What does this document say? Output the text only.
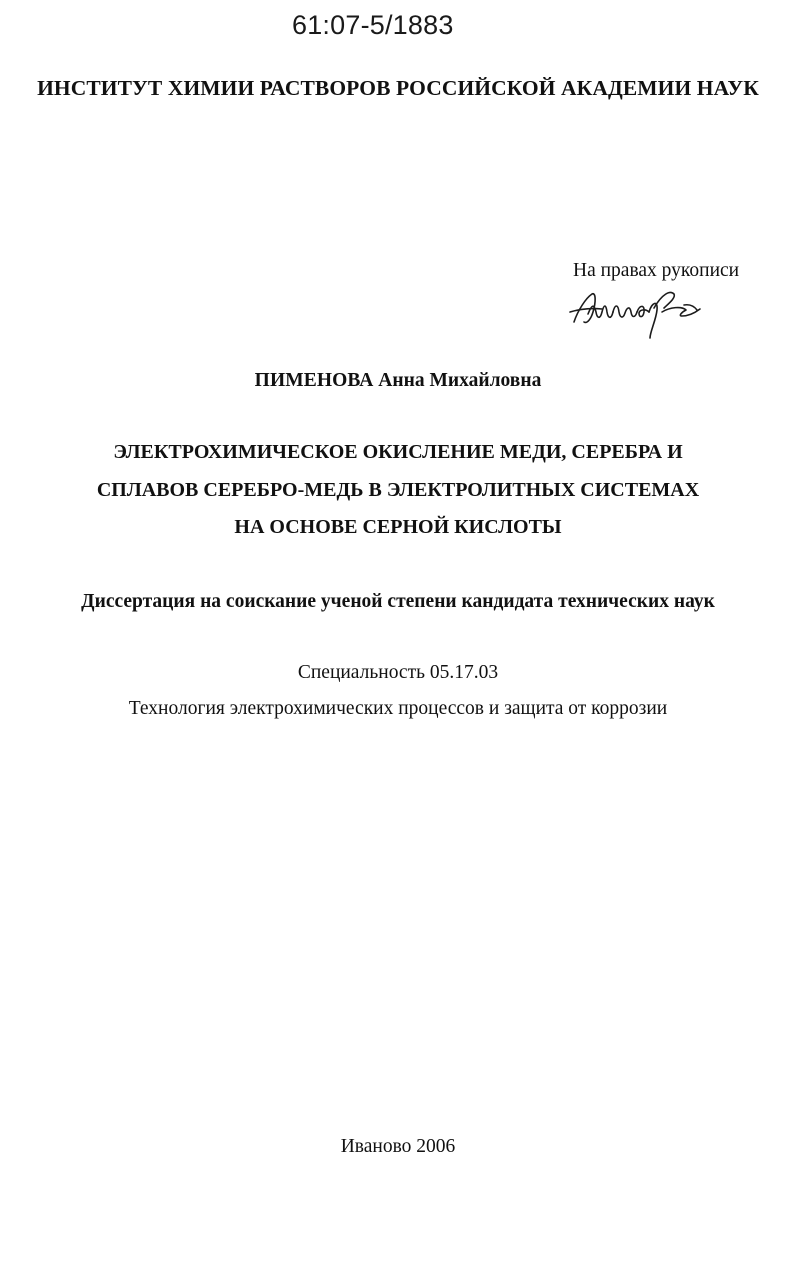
61:07-5/1883
ИНСТИТУТ ХИМИИ РАСТВОРОВ РОССИЙСКОЙ АКАДЕМИИ НАУК
На правах рукописи
ПИМЕНОВА Анна Михайловна
ЭЛЕКТРОХИМИЧЕСКОЕ ОКИСЛЕНИЕ МЕДИ, СЕРЕБРА И
СПЛАВОВ СЕРЕБРО-МЕДЬ В ЭЛЕКТРОЛИТНЫХ СИСТЕМАХ
НА ОСНОВЕ СЕРНОЙ КИСЛОТЫ
Диссертация на соискание ученой степени кандидата технических наук
Специальность 05.17.03
Технология электрохимических процессов и защита от коррозии
Иваново 2006
